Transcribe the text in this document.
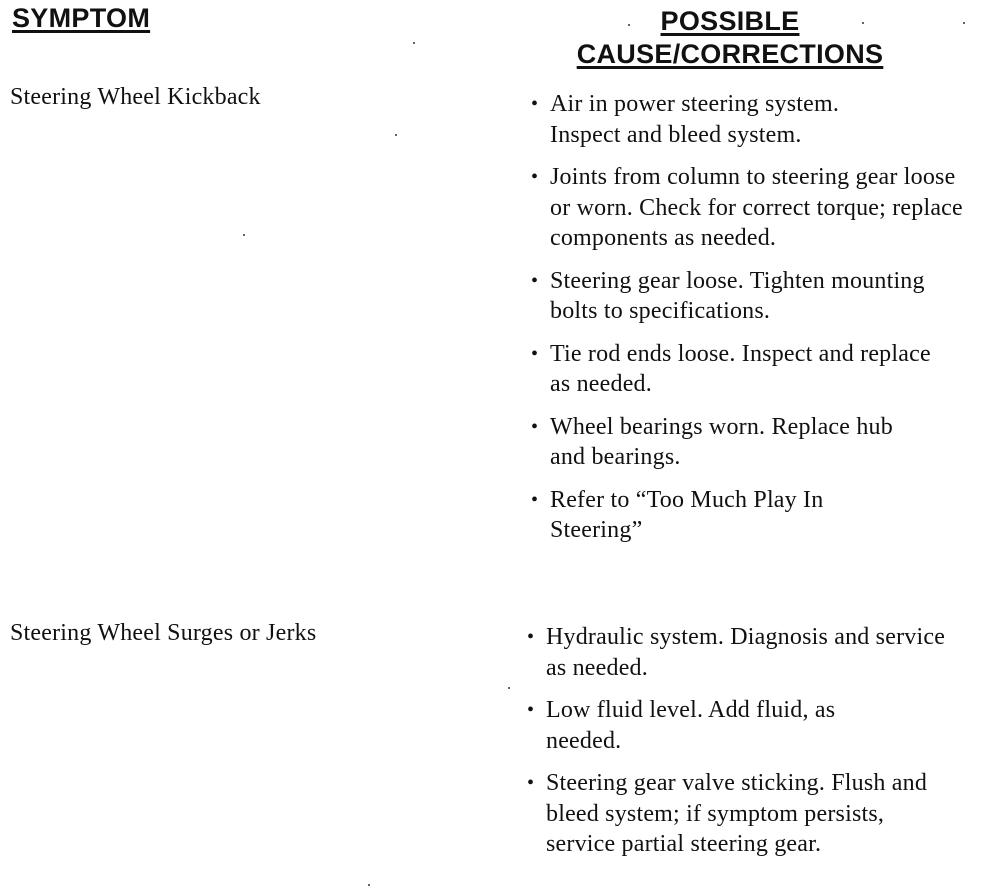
SYMPTOM	POSSIBLE
CAUSE/CORRECTIONS
Steering Wheel Kickback	• Air in power steering system. Inspect and bleed system.
• Joints from column to steering gear loose or worn. Check for correct torque; replace components as needed.
• Steering gear loose. Tighten mounting bolts to specifications.
• Tie rod ends loose. Inspect and replace as needed.
• Wheel bearings worn. Replace hub and bearings.
• Refer to “Too Much Play In Steering”
Steering Wheel Surges or Jerks	• Hydraulic system. Diagnosis and service as needed.
• Low fluid level. Add fluid, as needed.
• Steering gear valve sticking. Flush and bleed system; if symptom persists, service partial steering gear.
